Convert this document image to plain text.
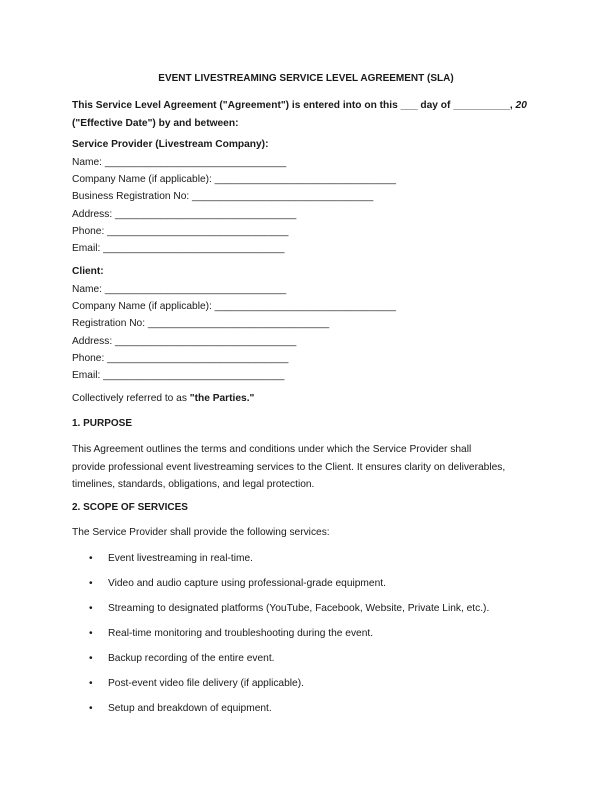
EVENT LIVESTREAMING SERVICE LEVEL AGREEMENT (SLA)
This Service Level Agreement ("Agreement") is entered into on this ___ day of __________, 20
("Effective Date") by and between:
Service Provider (Livestream Company):
Name: ________________________________
Company Name (if applicable): ________________________________
Business Registration No: ________________________________
Address: ________________________________
Phone: ________________________________
Email: ________________________________
Client:
Name: ________________________________
Company Name (if applicable): ________________________________
Registration No: ________________________________
Address: ________________________________
Phone: ________________________________
Email: ________________________________
Collectively referred to as "the Parties."
1. PURPOSE
This Agreement outlines the terms and conditions under which the Service Provider shall
provide professional event livestreaming services to the Client. It ensures clarity on deliverables,
timelines, standards, obligations, and legal protection.
2. SCOPE OF SERVICES
The Service Provider shall provide the following services:
• Event livestreaming in real-time.
• Video and audio capture using professional-grade equipment.
• Streaming to designated platforms (YouTube, Facebook, Website, Private Link, etc.).
• Real-time monitoring and troubleshooting during the event.
• Backup recording of the entire event.
• Post-event video file delivery (if applicable).
• Setup and breakdown of equipment.
